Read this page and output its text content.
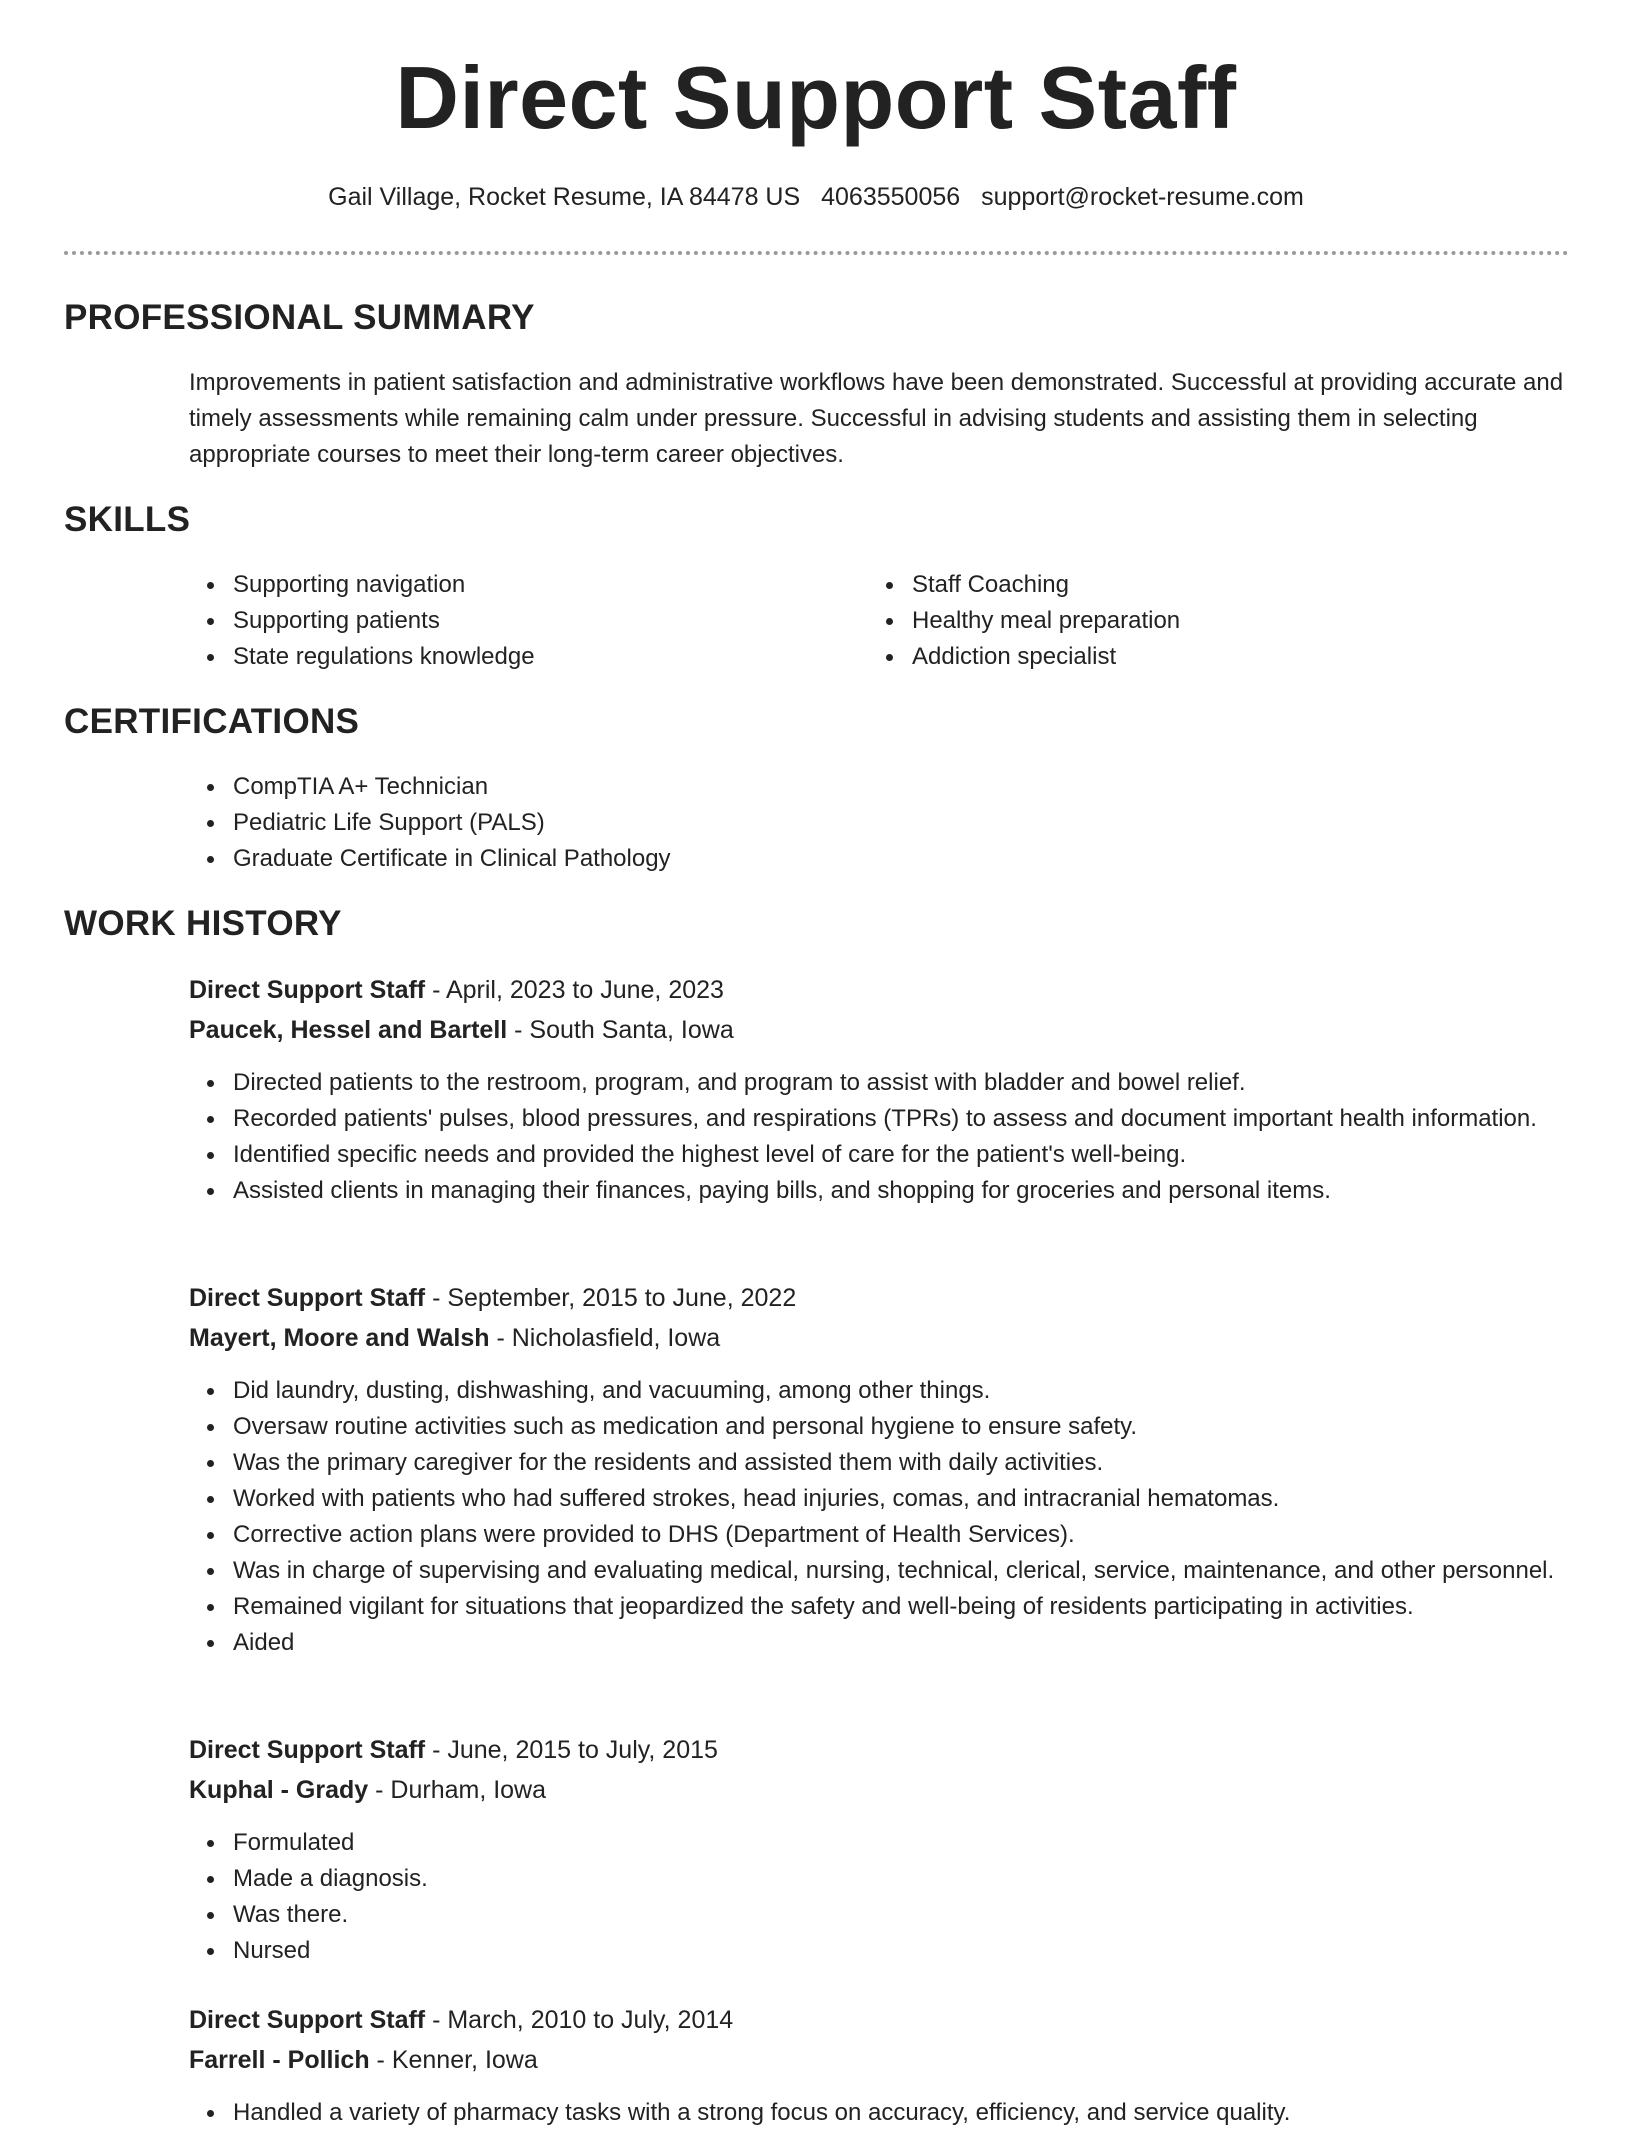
Direct Support Staff
Gail Village, Rocket Resume, IA 84478 US 4063550056 support@rocket-resume.com
PROFESSIONAL SUMMARY
Improvements in patient satisfaction and administrative workflows have been demonstrated. Successful at providing accurate and timely assessments while remaining calm under pressure. Successful in advising students and assisting them in selecting appropriate courses to meet their long-term career objectives.
SKILLS
Supporting navigation
Supporting patients
State regulations knowledge
Staff Coaching
Healthy meal preparation
Addiction specialist
CERTIFICATIONS
CompTIA A+ Technician
Pediatric Life Support (PALS)
Graduate Certificate in Clinical Pathology
WORK HISTORY
Direct Support Staff - April, 2023 to June, 2023
Paucek, Hessel and Bartell - South Santa, Iowa
Directed patients to the restroom, program, and program to assist with bladder and bowel relief.
Recorded patients' pulses, blood pressures, and respirations (TPRs) to assess and document important health information.
Identified specific needs and provided the highest level of care for the patient's well-being.
Assisted clients in managing their finances, paying bills, and shopping for groceries and personal items.
Direct Support Staff - September, 2015 to June, 2022
Mayert, Moore and Walsh - Nicholasfield, Iowa
Did laundry, dusting, dishwashing, and vacuuming, among other things.
Oversaw routine activities such as medication and personal hygiene to ensure safety.
Was the primary caregiver for the residents and assisted them with daily activities.
Worked with patients who had suffered strokes, head injuries, comas, and intracranial hematomas.
Corrective action plans were provided to DHS (Department of Health Services).
Was in charge of supervising and evaluating medical, nursing, technical, clerical, service, maintenance, and other personnel.
Remained vigilant for situations that jeopardized the safety and well-being of residents participating in activities.
Aided
Direct Support Staff - June, 2015 to July, 2015
Kuphal - Grady - Durham, Iowa
Formulated
Made a diagnosis.
Was there.
Nursed
Direct Support Staff - March, 2010 to July, 2014
Farrell - Pollich - Kenner, Iowa
Handled a variety of pharmacy tasks with a strong focus on accuracy, efficiency, and service quality.
